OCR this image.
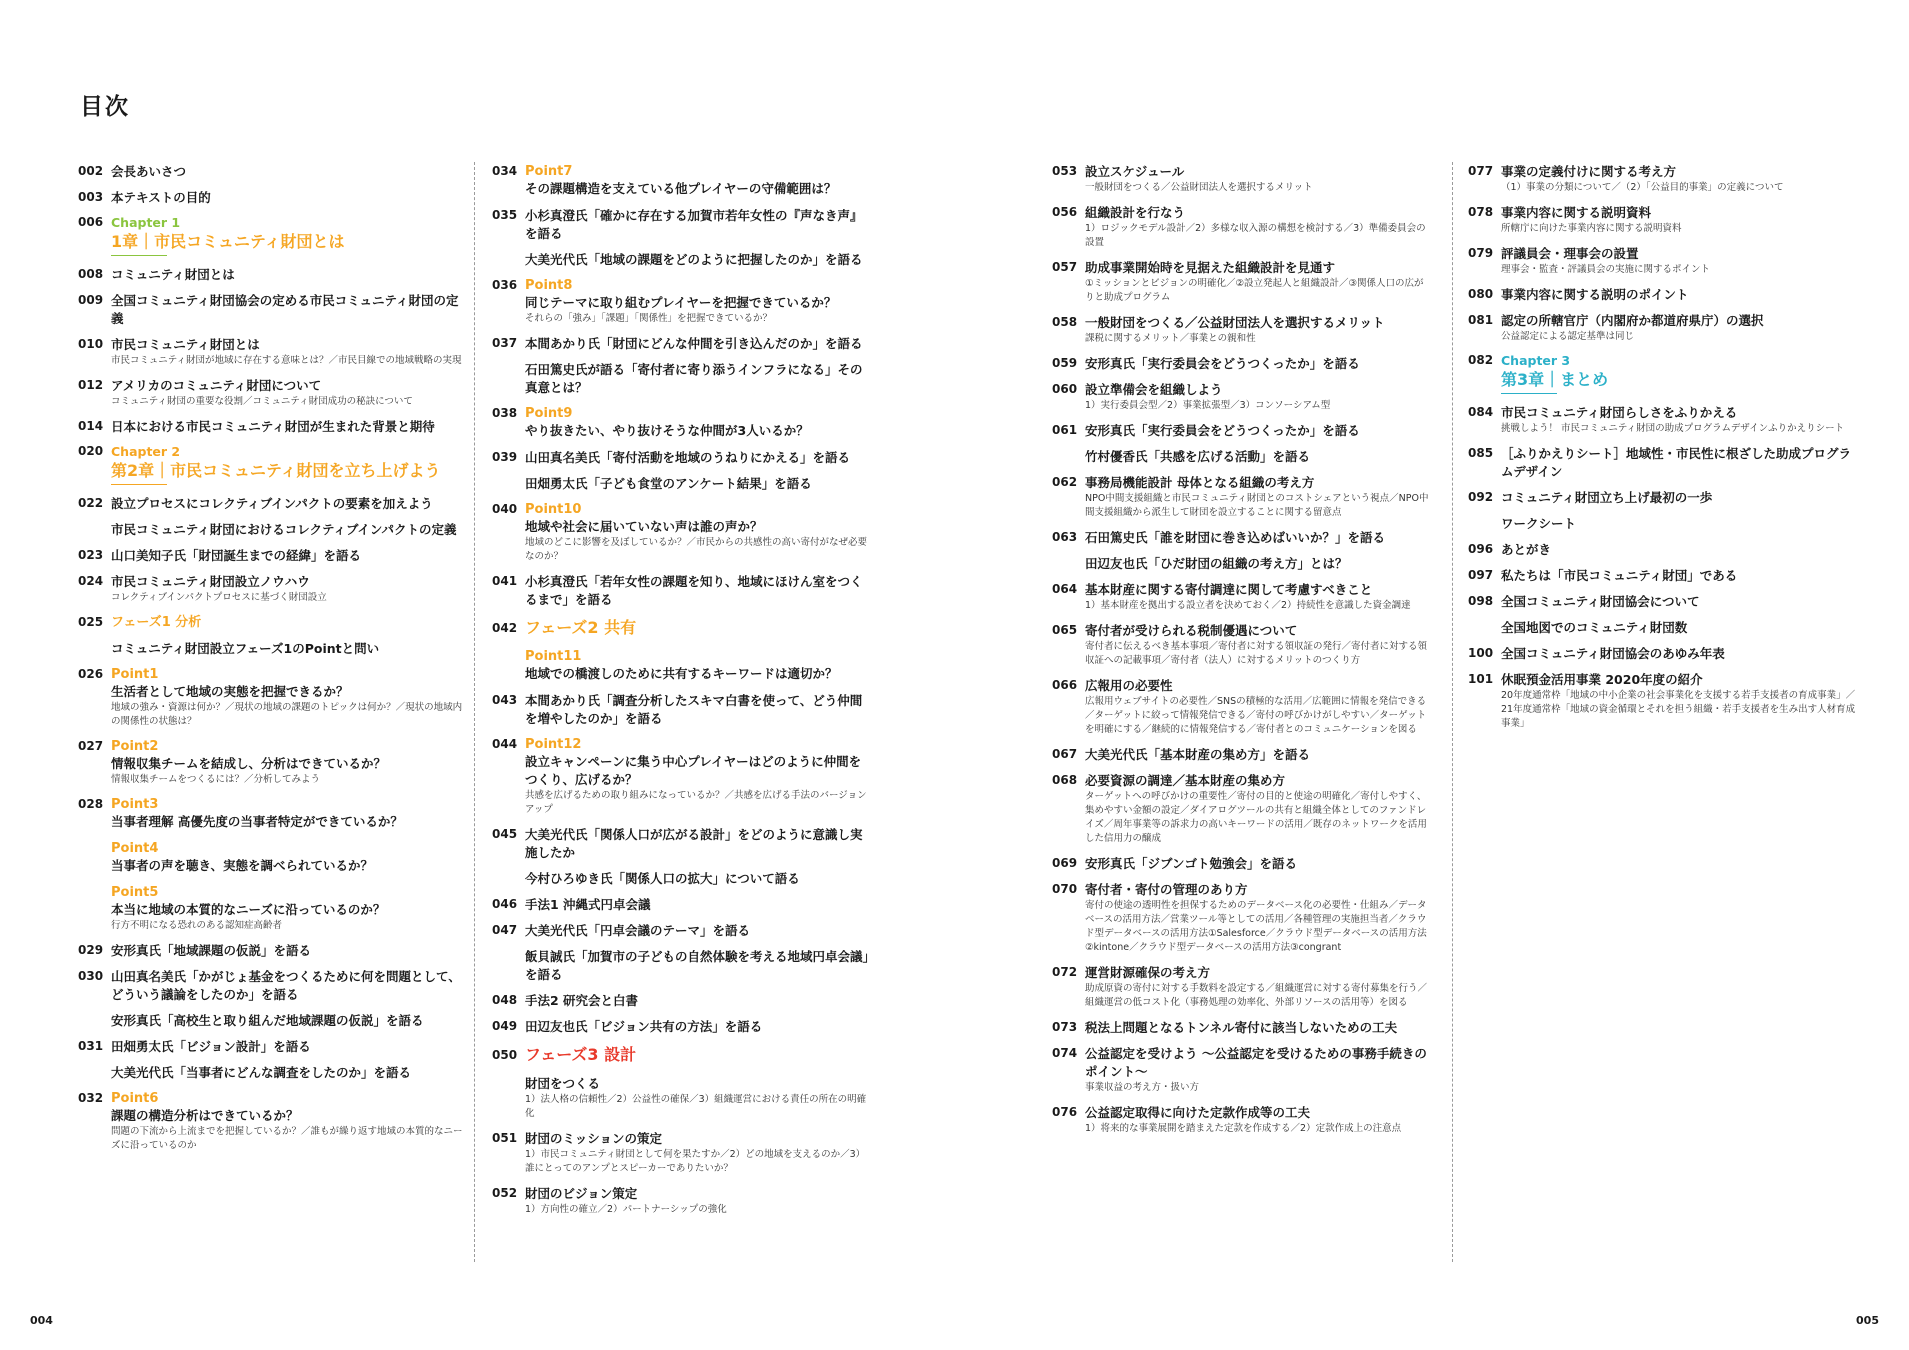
目次
002 会長あいさつ
003 本テキストの目的
006 Chapter 1
1章｜市民コミュニティ財団とは
008 コミュニティ財団とは
009 全国コミュニティ財団協会の定める市民コミュニティ財団の定義
010 市民コミュニティ財団とは
市民コミュニティ財団が地域に存在する意味とは？／市民目線での地域戦略の実現
012 アメリカのコミュニティ財団について
コミュニティ財団の重要な役割／コミュニティ財団成功の秘訣について
014 日本における市民コミュニティ財団が生まれた背景と期待
020 Chapter 2
第2章｜市民コミュニティ財団を立ち上げよう
022 設立プロセスにコレクティブインパクトの要素を加えよう
市民コミュニティ財団におけるコレクティブインパクトの定義
023 山口美知子氏「財団誕生までの経緯」を語る
024 市民コミュニティ財団設立ノウハウ
コレクティブインパクトプロセスに基づく財団設立
025 フェーズ1 分析
コミュニティ財団設立フェーズ1のPointと問い
026 Point1
生活者として地域の実態を把握できるか？
地域の強み・資源は何か？／現状の地域の課題のトピックは何か？／現状の地域内の関係性の状態は？
027 Point2
情報収集チームを結成し、分析はできているか？
情報収集チームをつくるには？／分析してみよう
028 Point3
当事者理解 高優先度の当事者特定ができているか？
Point4
当事者の声を聴き、実態を調べられているか？
Point5
本当に地域の本質的なニーズに沿っているのか？
行方不明になる恐れのある認知症高齢者
029 安形真氏「地域課題の仮説」を語る
030 山田真名美氏「かがじょ基金をつくるために何を問題として、どういう議論をしたのか」を語る
安形真氏「高校生と取り組んだ地域課題の仮説」を語る
031 田畑勇太氏「ビジョン設計」を語る
大美光代氏「当事者にどんな調査をしたのか」を語る
032 Point6
課題の構造分析はできているか？
問題の下流から上流までを把握しているか？／誰もが繰り返す地域の本質的なニーズに沿っているのか
034 Point7
その課題構造を支えている他プレイヤーの守備範囲は？
035 小杉真澄氏「確かに存在する加賀市若年女性の『声なき声』を語る
大美光代氏「地域の課題をどのように把握したのか」を語る
036 Point8
同じテーマに取り組むプレイヤーを把握できているか？
それらの「強み」「課題」「関係性」を把握できているか？
037 本間あかり氏「財団にどんな仲間を引き込んだのか」を語る
石田篤史氏が語る「寄付者に寄り添うインフラになる」その真意とは？
038 Point9
やり抜きたい、やり抜けそうな仲間が3人いるか？
039 山田真名美氏「寄付活動を地域のうねりにかえる」を語る
田畑勇太氏「子ども食堂のアンケート結果」を語る
040 Point10
地域や社会に届いていない声は誰の声か？
地域のどこに影響を及ぼしているか？／市民からの共感性の高い寄付がなぜ必要なのか？
041 小杉真澄氏「若年女性の課題を知り、地域にほけん室をつくるまで」を語る
042 フェーズ2 共有
Point11
地域での橋渡しのために共有するキーワードは適切か？
043 本間あかり氏「調査分析したスキマ白書を使って、どう仲間を増やしたのか」を語る
044 Point12
設立キャンペーンに集う中心プレイヤーはどのように仲間をつくり、広げるか？
共感を広げるための取り組みになっているか？／共感を広げる手法のバージョンアップ
045 大美光代氏「関係人口が広がる設計」をどのように意識し実施したか
今村ひろゆき氏「関係人口の拡大」について語る
046 手法1 沖縄式円卓会議
047 大美光代氏「円卓会議のテーマ」を語る
飯貝誠氏「加賀市の子どもの自然体験を考える地域円卓会議」を語る
048 手法2 研究会と白書
049 田辺友也氏「ビジョン共有の方法」を語る
050 フェーズ3 設計
財団をつくる
1）法人格の信頼性／2）公益性の確保／3）組織運営における責任の所在の明確化
051 財団のミッションの策定
1）市民コミュニティ財団として何を果たすか／2）どの地域を支えるのか／3）誰にとってのアンプとスピーカーでありたいか？
052 財団のビジョン策定
1）方向性の確立／2）パートナーシップの強化
053 設立スケジュール
一般財団をつくる／公益財団法人を選択するメリット
056 組織設計を行なう
1）ロジックモデル設計／2）多様な収入源の構想を検討する／3）準備委員会の設置
057 助成事業開始時を見据えた組織設計を見通す
①ミッションとビジョンの明確化／②設立発起人と組織設計／③関係人口の広がりと助成プログラム
058 一般財団をつくる／公益財団法人を選択するメリット
課税に関するメリット／事業との親和性
059 安形真氏「実行委員会をどうつくったか」を語る
060 設立準備会を組織しよう
1）実行委員会型／2）事業拡張型／3）コンソーシアム型
061 安形真氏「実行委員会をどうつくったか」を語る
竹村優香氏「共感を広げる活動」を語る
062 事務局機能設計 母体となる組織の考え方
NPO中間支援組織と市民コミュニティ財団とのコストシェアという視点／NPO中間支援組織から派生して財団を設立することに関する留意点
063 石田篤史氏「誰を財団に巻き込めばいいか？」を語る
田辺友也氏「ひだ財団の組織の考え方」とは？
064 基本財産に関する寄付調達に関して考慮すべきこと
1）基本財産を拠出する設立者を決めておく／2）持続性を意識した資金調達
065 寄付者が受けられる税制優遇について
寄付者に伝えるべき基本事項／寄付者に対する領収証の発行／寄付者に対する領収証への記載事項／寄付者（法人）に対するメリットのつくり方
066 広報用の必要性
広報用ウェブサイトの必要性／SNSの積極的な活用／広範囲に情報を発信できる／ターゲットに絞って情報発信できる／寄付の呼びかけがしやすい／ターゲットを明確にする／継続的に情報発信する／寄付者とのコミュニケーションを図る
067 大美光代氏「基本財産の集め方」を語る
068 必要資源の調達／基本財産の集め方
ターゲットへの呼びかけの重要性／寄付の目的と使途の明確化／寄付しやすく、集めやすい金額の設定／ダイアログツールの共有と組織全体としてのファンドレイズ／周年事業等の訴求力の高いキーワードの活用／既存のネットワークを活用した信用力の醸成
069 安形真氏「ジブンゴト勉強会」を語る
070 寄付者・寄付の管理のあり方
寄付の使途の透明性を担保するためのデータベース化の必要性・仕組み／データベースの活用方法／営業ツール等としての活用／各種管理の実施担当者／クラウド型データベースの活用方法①Salesforce／クラウド型データベースの活用方法②kintone／クラウド型データベースの活用方法③congrant
072 運営財源確保の考え方
助成原資の寄付に対する手数料を設定する／組織運営に対する寄付募集を行う／組織運営の低コスト化（事務処理の効率化、外部リソースの活用等）を図る
073 税法上問題となるトンネル寄付に該当しないための工夫
074 公益認定を受けよう ～公益認定を受けるための事務手続きのポイント～
事業収益の考え方・扱い方
076 公益認定取得に向けた定款作成等の工夫
1）将来的な事業展開を踏まえた定款を作成する／2）定款作成上の注意点
077 事業の定義付けに関する考え方
（1）事業の分類について／（2）「公益目的事業」の定義について
078 事業内容に関する説明資料
所轄庁に向けた事業内容に関する説明資料
079 評議員会・理事会の設置
理事会・監査・評議員会の実施に関するポイント
080 事業内容に関する説明のポイント
081 認定の所轄官庁（内閣府か都道府県庁）の選択
公益認定による認定基準は同じ
082 Chapter 3
第3章｜まとめ
084 市民コミュニティ財団らしさをふりかえる
挑戦しよう！ 市民コミュニティ財団の助成プログラムデザインふりかえりシート
085 ［ふりかえりシート］地域性・市民性に根ざした助成プログラムデザイン
092 コミュニティ財団立ち上げ最初の一歩
ワークシート
096 あとがき
097 私たちは「市民コミュニティ財団」である
098 全国コミュニティ財団協会について
全国地図でのコミュニティ財団数
100 全国コミュニティ財団協会のあゆみ年表
101 休眠預金活用事業 2020年度の紹介
20年度通常枠「地域の中小企業の社会事業化を支援する若手支援者の育成事業」／21年度通常枠「地域の資金循環とそれを担う組織・若手支援者を生み出す人材育成事業」
004	005
